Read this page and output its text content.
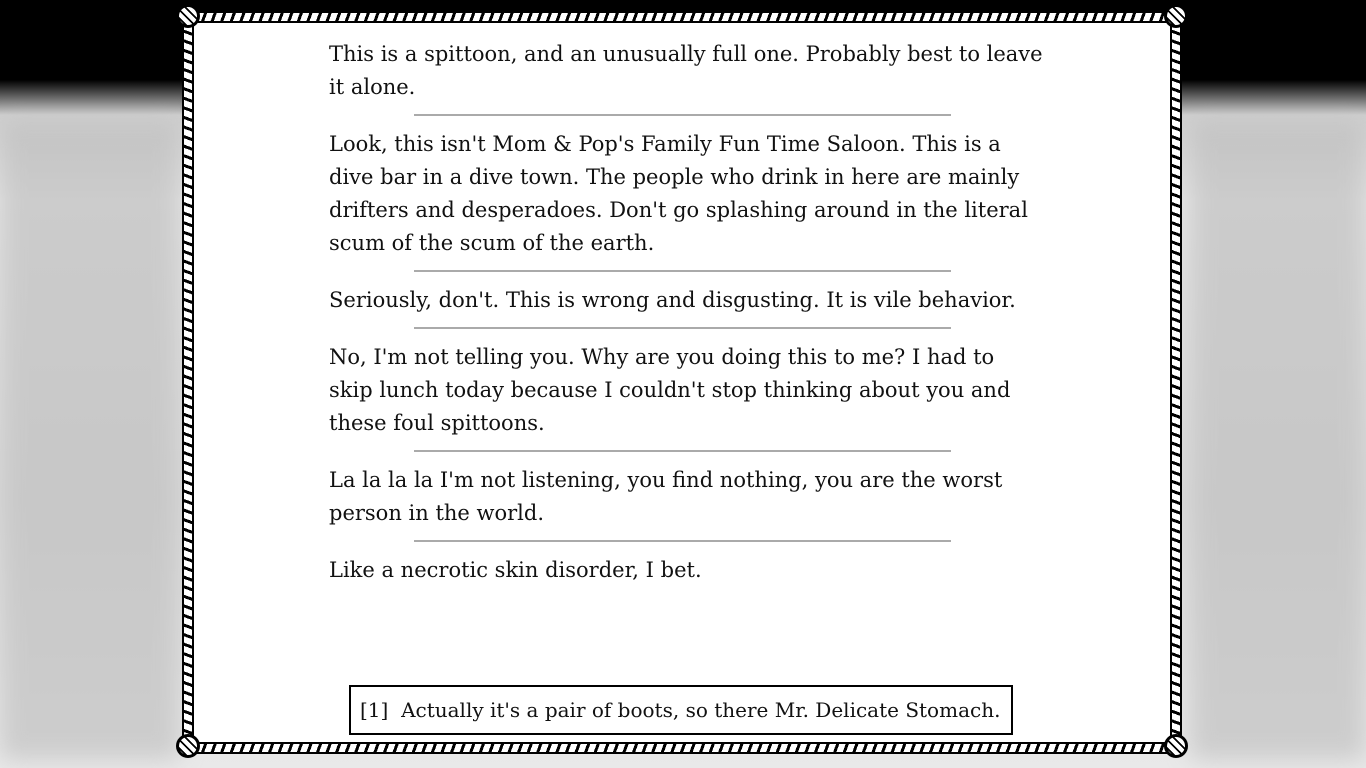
This is a spittoon, and an unusually full one. Probably best to leave it alone.

Look, this isn't Mom & Pop's Family Fun Time Saloon. This is a dive bar in a dive town. The people who drink in here are mainly drifters and desperadoes. Don't go splashing around in the literal scum of the scum of the earth.

Seriously, don't. This is wrong and disgusting. It is vile behavior.

No, I'm not telling you. Why are you doing this to me? I had to skip lunch today because I couldn't stop thinking about you and these foul spittoons.

La la la la I'm not listening, you find nothing, you are the worst person in the world.

Like a necrotic skin disorder, I bet.

[1] Actually it's a pair of boots, so there Mr. Delicate Stomach.
